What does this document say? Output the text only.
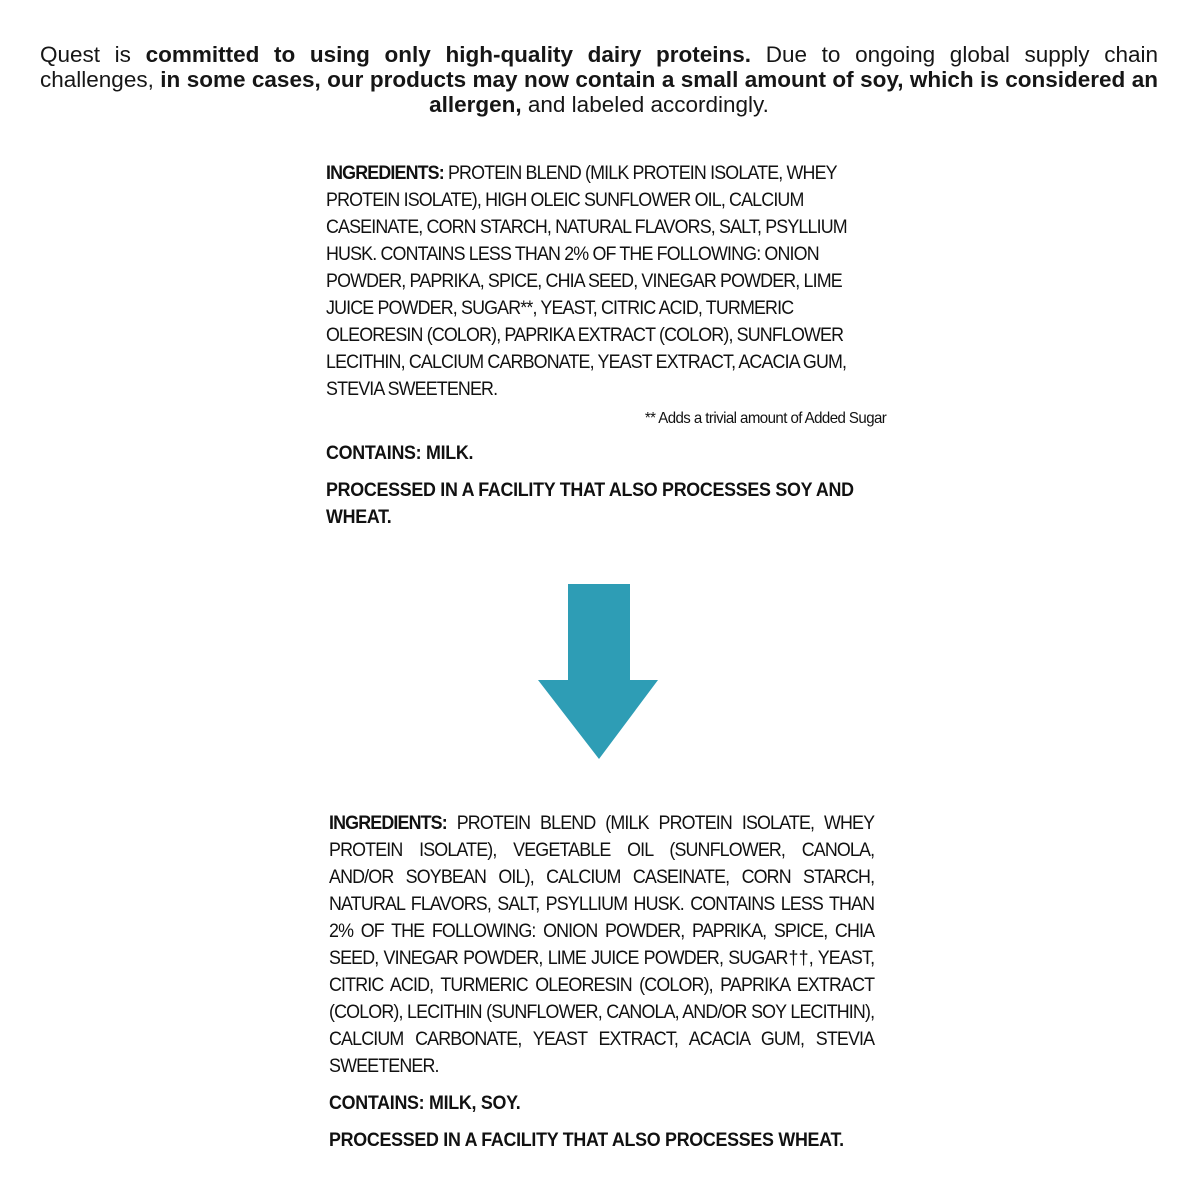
Quest is committed to using only high-quality dairy proteins. Due to ongoing global supply chain challenges, in some cases, our products may now contain a small amount of soy, which is considered an allergen, and labeled accordingly.

INGREDIENTS: PROTEIN BLEND (MILK PROTEIN ISOLATE, WHEY PROTEIN ISOLATE), HIGH OLEIC SUNFLOWER OIL, CALCIUM CASEINATE, CORN STARCH, NATURAL FLAVORS, SALT, PSYLLIUM HUSK. CONTAINS LESS THAN 2% OF THE FOLLOWING: ONION POWDER, PAPRIKA, SPICE, CHIA SEED, VINEGAR POWDER, LIME JUICE POWDER, SUGAR**, YEAST, CITRIC ACID, TURMERIC OLEORESIN (COLOR), PAPRIKA EXTRACT (COLOR), SUNFLOWER LECITHIN, CALCIUM CARBONATE, YEAST EXTRACT, ACACIA GUM, STEVIA SWEETENER.

** Adds a trivial amount of Added Sugar

CONTAINS: MILK.

PROCESSED IN A FACILITY THAT ALSO PROCESSES SOY AND WHEAT.

INGREDIENTS: PROTEIN BLEND (MILK PROTEIN ISOLATE, WHEY PROTEIN ISOLATE), VEGETABLE OIL (SUNFLOWER, CANOLA, AND/OR SOYBEAN OIL), CALCIUM CASEINATE, CORN STARCH, NATURAL FLAVORS, SALT, PSYLLIUM HUSK. CONTAINS LESS THAN 2% OF THE FOLLOWING: ONION POWDER, PAPRIKA, SPICE, CHIA SEED, VINEGAR POWDER, LIME JUICE POWDER, SUGAR††, YEAST, CITRIC ACID, TURMERIC OLEORESIN (COLOR), PAPRIKA EXTRACT (COLOR), LECITHIN (SUNFLOWER, CANOLA, AND/OR SOY LECITHIN), CALCIUM CARBONATE, YEAST EXTRACT, ACACIA GUM, STEVIA SWEETENER.

CONTAINS: MILK, SOY.

PROCESSED IN A FACILITY THAT ALSO PROCESSES WHEAT.
